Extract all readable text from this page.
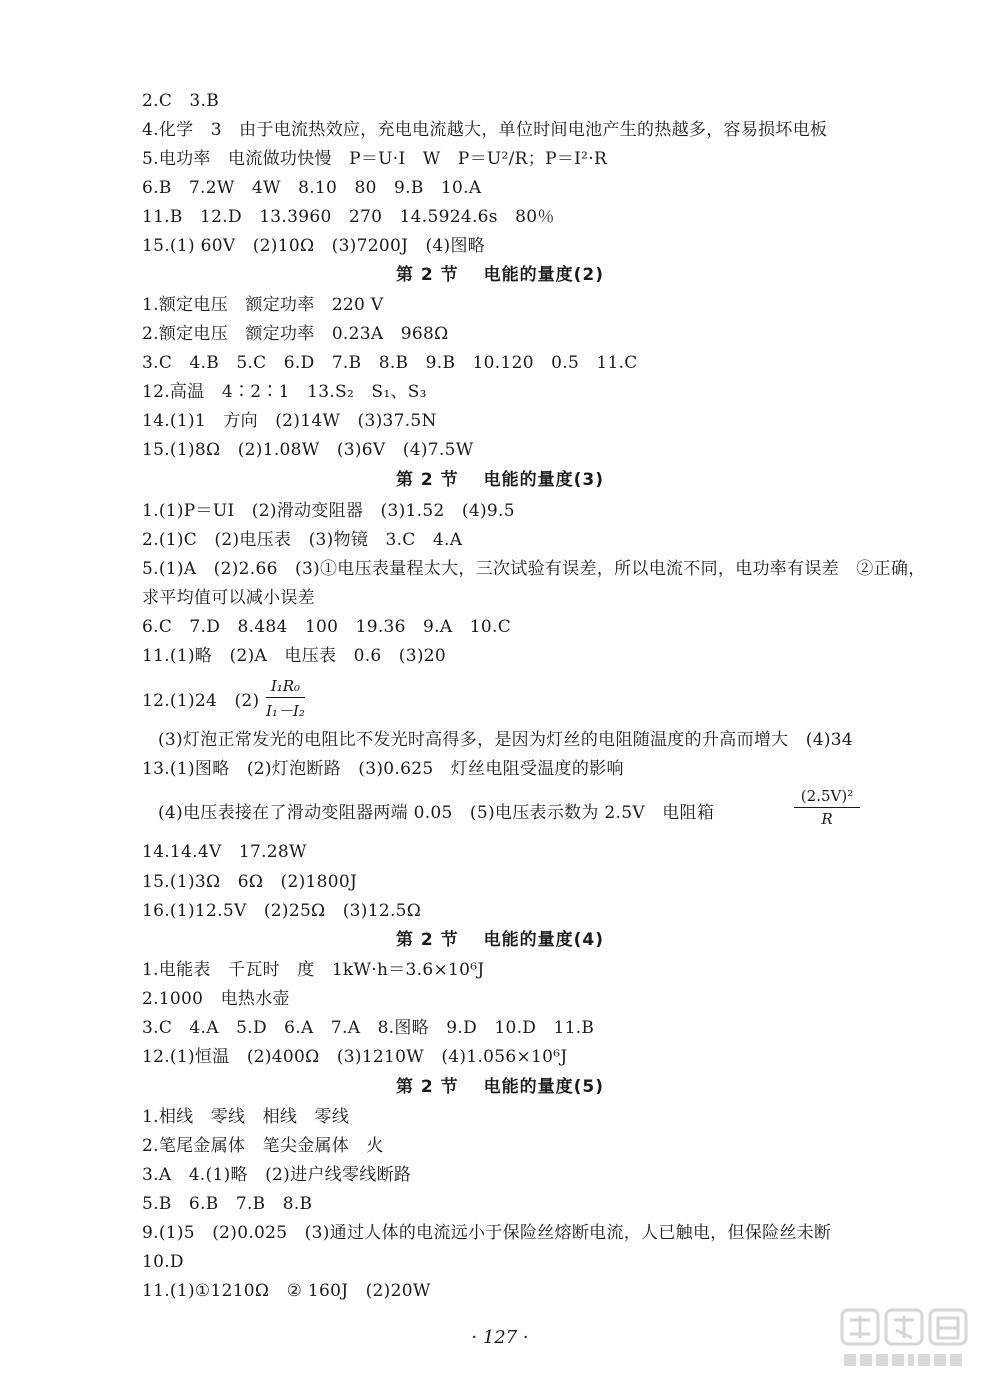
2.C　3.B
4.化学　3　由于电流热效应，充电电流越大，单位时间电池产生的热越多，容易损坏电板
5.电功率　电流做功快慢　P＝U·I　W　P＝U²/R；P＝I²·R
6.B　7.2W　4W　8.10　80　9.B　10.A
11.B　12.D　13.3960　270　14.5924.6s　80％
15.(1) 60V　(2)10Ω　(3)7200J　(4)图略
第 2 节　 电能的量度(2)
1.额定电压　额定功率　220 V
2.额定电压　额定功率　0.23A　968Ω
3.C　4.B　5.C　6.D　7.B　8.B　9.B　10.120　0.5　11.C
12.高温　4∶2∶1　13.S₂　S₁、S₃
14.(1)1　方向　(2)14W　(3)37.5N
15.(1)8Ω　(2)1.08W　(3)6V　(4)7.5W
第 2 节　 电能的量度(3)
1.(1)P＝UI　(2)滑动变阻器　(3)1.52　(4)9.5
2.(1)C　(2)电压表　(3)物镜　3.C　4.A
5.(1)A　(2)2.66　(3)①电压表量程太大，三次试验有误差，所以电流不同，电功率有误差　②正确，
求平均值可以减小误差
6.C　7.D　8.484　100　19.36　9.A　10.C
11.(1)略　(2)A　电压表　0.6　(3)20
12.(1)24　(2)
I₁R₀
I₁－I₂
(3)灯泡正常发光的电阻比不发光时高得多，是因为灯丝的电阻随温度的升高而增大　(4)34
13.(1)图略　(2)灯泡断路　(3)0.625　灯丝电阻受温度的影响
(4)电压表接在了滑动变阻器两端 0.05　(5)电压表示数为 2.5V　电阻箱
(2.5V)²
R
14.14.4V　17.28W
15.(1)3Ω　6Ω　(2)1800J
16.(1)12.5V　(2)25Ω　(3)12.5Ω
第 2 节　 电能的量度(4)
1.电能表　千瓦时　度　1kW·h＝3.6×10⁶J
2.1000　电热水壶
3.C　4.A　5.D　6.A　7.A　8.图略　9.D　10.D　11.B
12.(1)恒温　(2)400Ω　(3)1210W　(4)1.056×10⁶J
第 2 节　 电能的量度(5)
1.相线　零线　相线　零线
2.笔尾金属体　笔尖金属体　火
3.A　4.(1)略　(2)进户线零线断路
5.B　6.B　7.B　8.B
9.(1)5　(2)0.025　(3)通过人体的电流远小于保险丝熔断电流，人已触电，但保险丝未断
10.D
11.(1)①1210Ω　② 160J　(2)20W
· 127 ·
